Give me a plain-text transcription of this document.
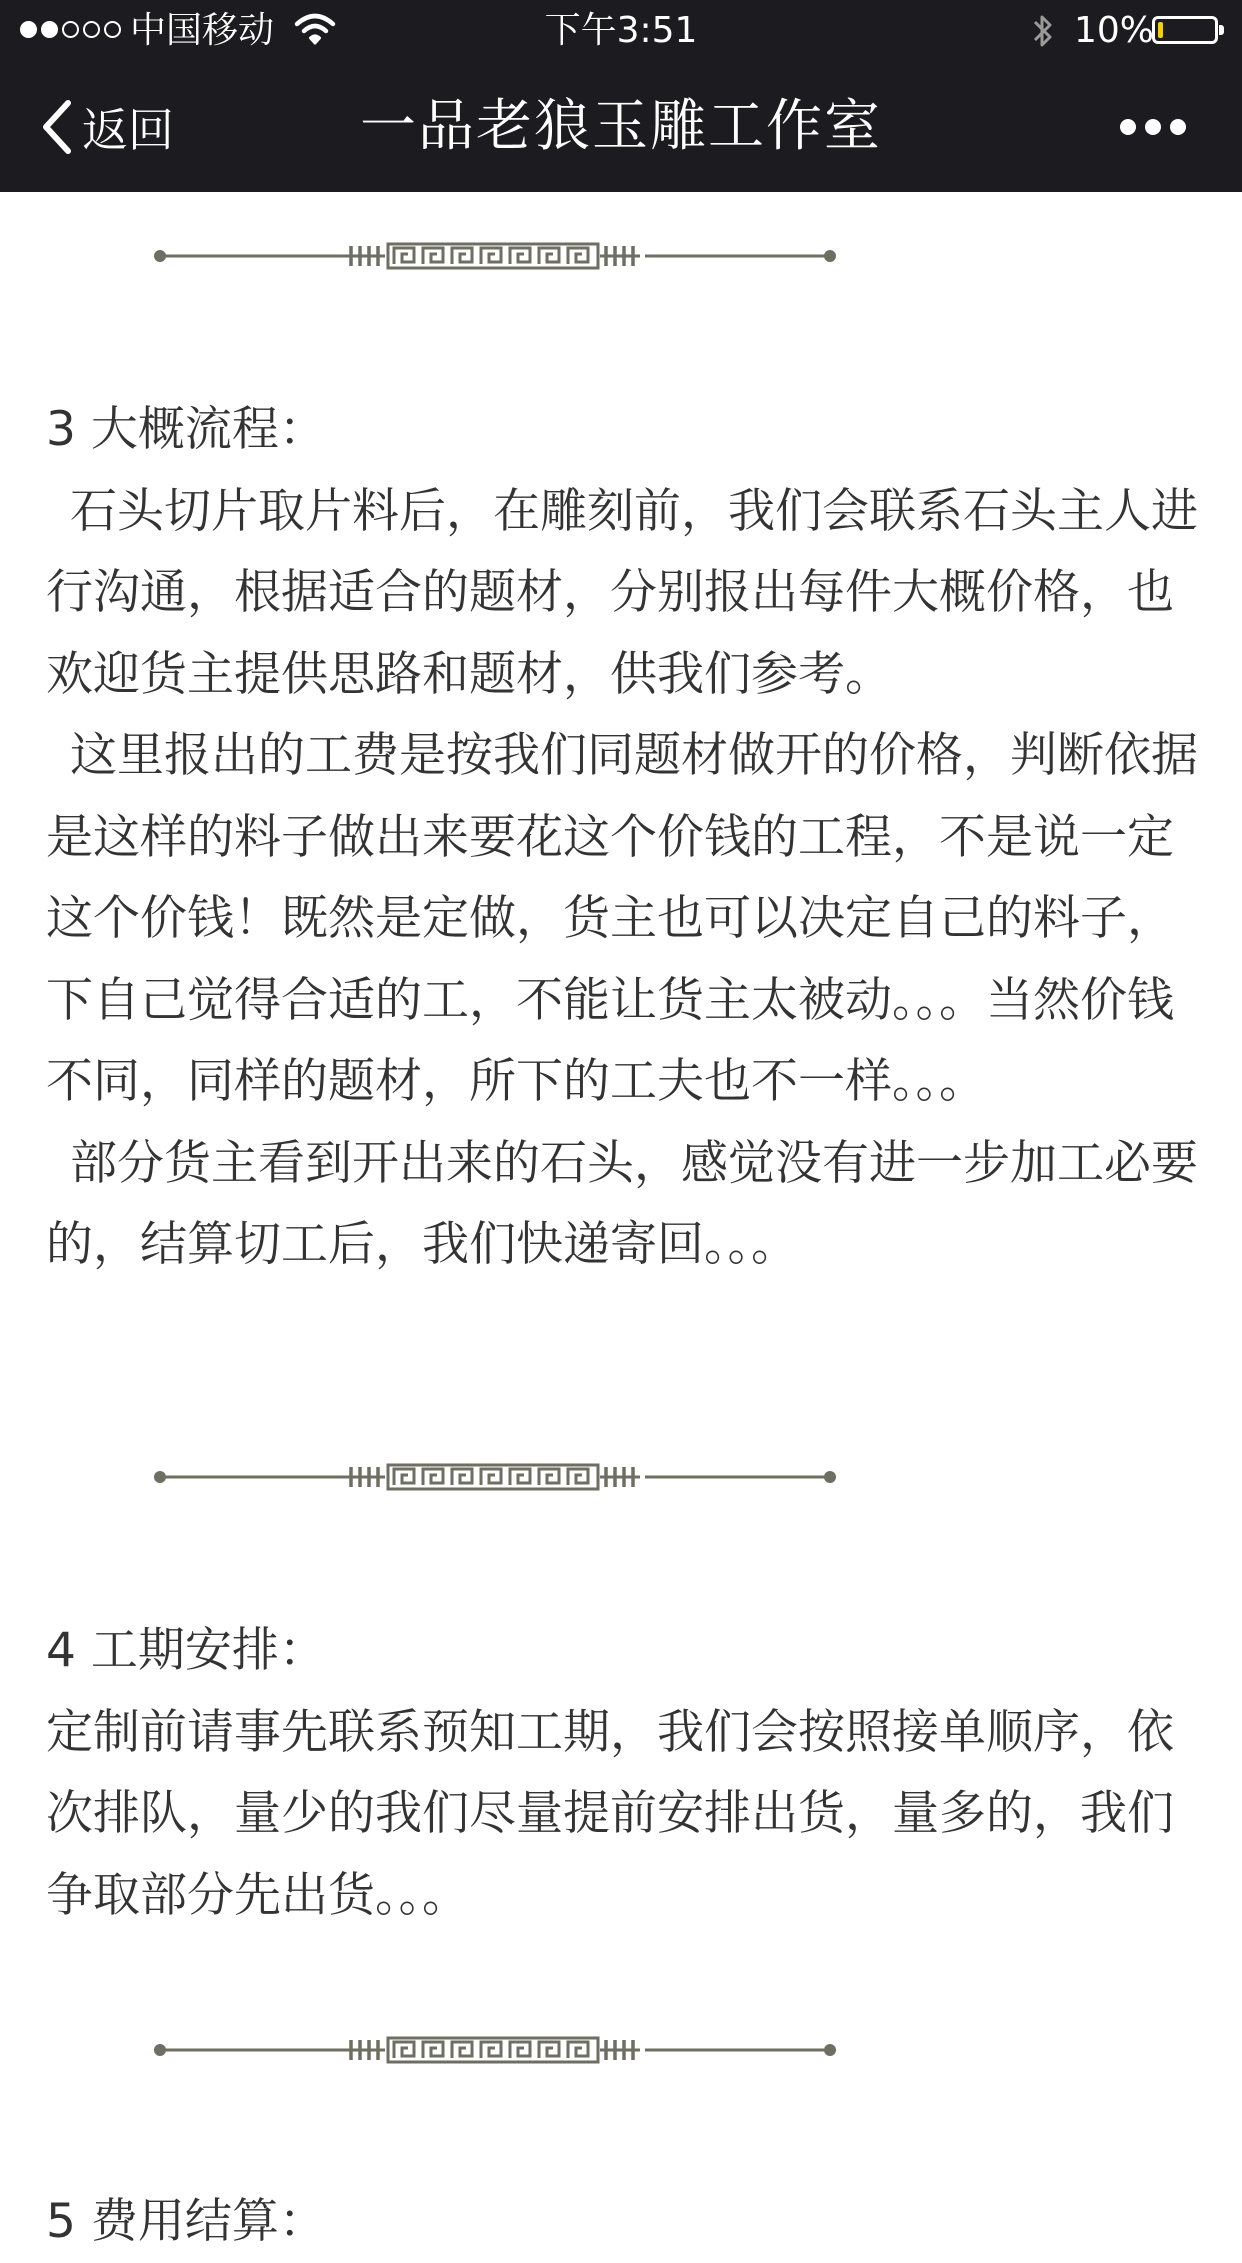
中国移动	下午3:51	10%
返回	一品老狼玉雕工作室

3 大概流程：

石头切片取片料后，在雕刻前，我们会联系石头主人进行沟通，根据适合的题材，分别报出每件大概价格，也欢迎货主提供思路和题材，供我们参考。

这里报出的工费是按我们同题材做开的价格，判断依据是这样的料子做出来要花这个价钱的工程，不是说一定这个价钱！既然是定做，货主也可以决定自己的料子，下自己觉得合适的工，不能让货主太被动。。。当然价钱不同，同样的题材，所下的工夫也不一样。。。

部分货主看到开出来的石头，感觉没有进一步加工必要的，结算切工后，我们快递寄回。。。

4 工期安排：

定制前请事先联系预知工期，我们会按照接单顺序，依次排队，量少的我们尽量提前安排出货，量多的，我们争取部分先出货。。。

5 费用结算：
